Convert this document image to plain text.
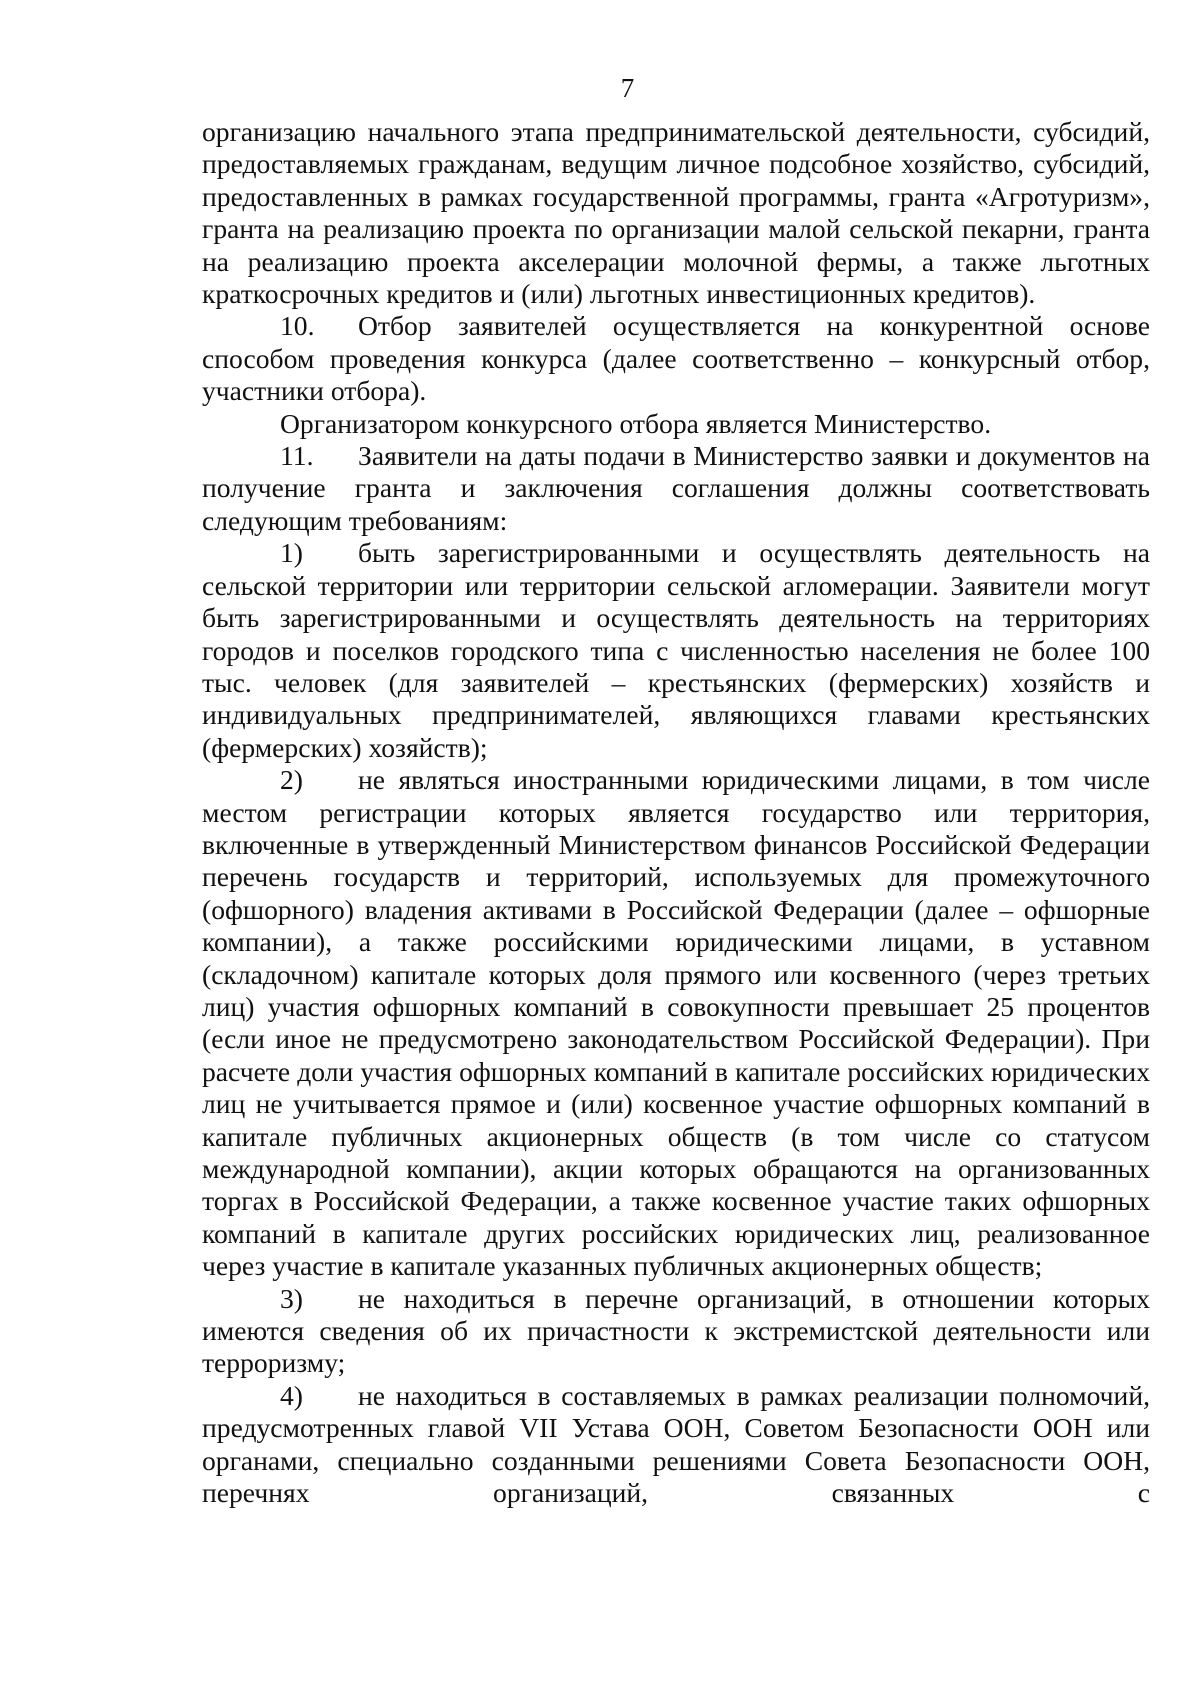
7

организацию начального этапа предпринимательской деятельности, субсидий, предоставляемых гражданам, ведущим личное подсобное хозяйство, субсидий, предоставленных в рамках государственной программы, гранта «Агротуризм», гранта на реализацию проекта по организации малой сельской пекарни, гранта на реализацию проекта акселерации молочной фермы, а также льготных краткосрочных кредитов и (или) льготных инвестиционных кредитов).

10. Отбор заявителей осуществляется на конкурентной основе способом проведения конкурса (далее соответственно – конкурсный отбор, участники отбора).

Организатором конкурсного отбора является Министерство.

11. Заявители на даты подачи в Министерство заявки и документов на получение гранта и заключения соглашения должны соответствовать следующим требованиям:

1) быть зарегистрированными и осуществлять деятельность на сельской территории или территории сельской агломерации. Заявители могут быть зарегистрированными и осуществлять деятельность на территориях городов и поселков городского типа с численностью населения не более 100 тыс. человек (для заявителей – крестьянских (фермерских) хозяйств и индивидуальных предпринимателей, являющихся главами крестьянских (фермерских) хозяйств);

2) не являться иностранными юридическими лицами, в том числе местом регистрации которых является государство или территория, включенные в утвержденный Министерством финансов Российской Федерации перечень государств и территорий, используемых для промежуточного (офшорного) владения активами в Российской Федерации (далее – офшорные компании), а также российскими юридическими лицами, в уставном (складочном) капитале которых доля прямого или косвенного (через третьих лиц) участия офшорных компаний в совокупности превышает 25 процентов (если иное не предусмотрено законодательством Российской Федерации). При расчете доли участия офшорных компаний в капитале российских юридических лиц не учитывается прямое и (или) косвенное участие офшорных компаний в капитале публичных акционерных обществ (в том числе со статусом международной компании), акции которых обращаются на организованных торгах в Российской Федерации, а также косвенное участие таких офшорных компаний в капитале других российских юридических лиц, реализованное через участие в капитале указанных публичных акционерных обществ;

3) не находиться в перечне организаций, в отношении которых имеются сведения об их причастности к экстремистской деятельности или терроризму;

4) не находиться в составляемых в рамках реализации полномочий, предусмотренных главой VII Устава ООН, Советом Безопасности ООН или органами, специально созданными решениями Совета Безопасности ООН, перечнях организаций, связанных с
